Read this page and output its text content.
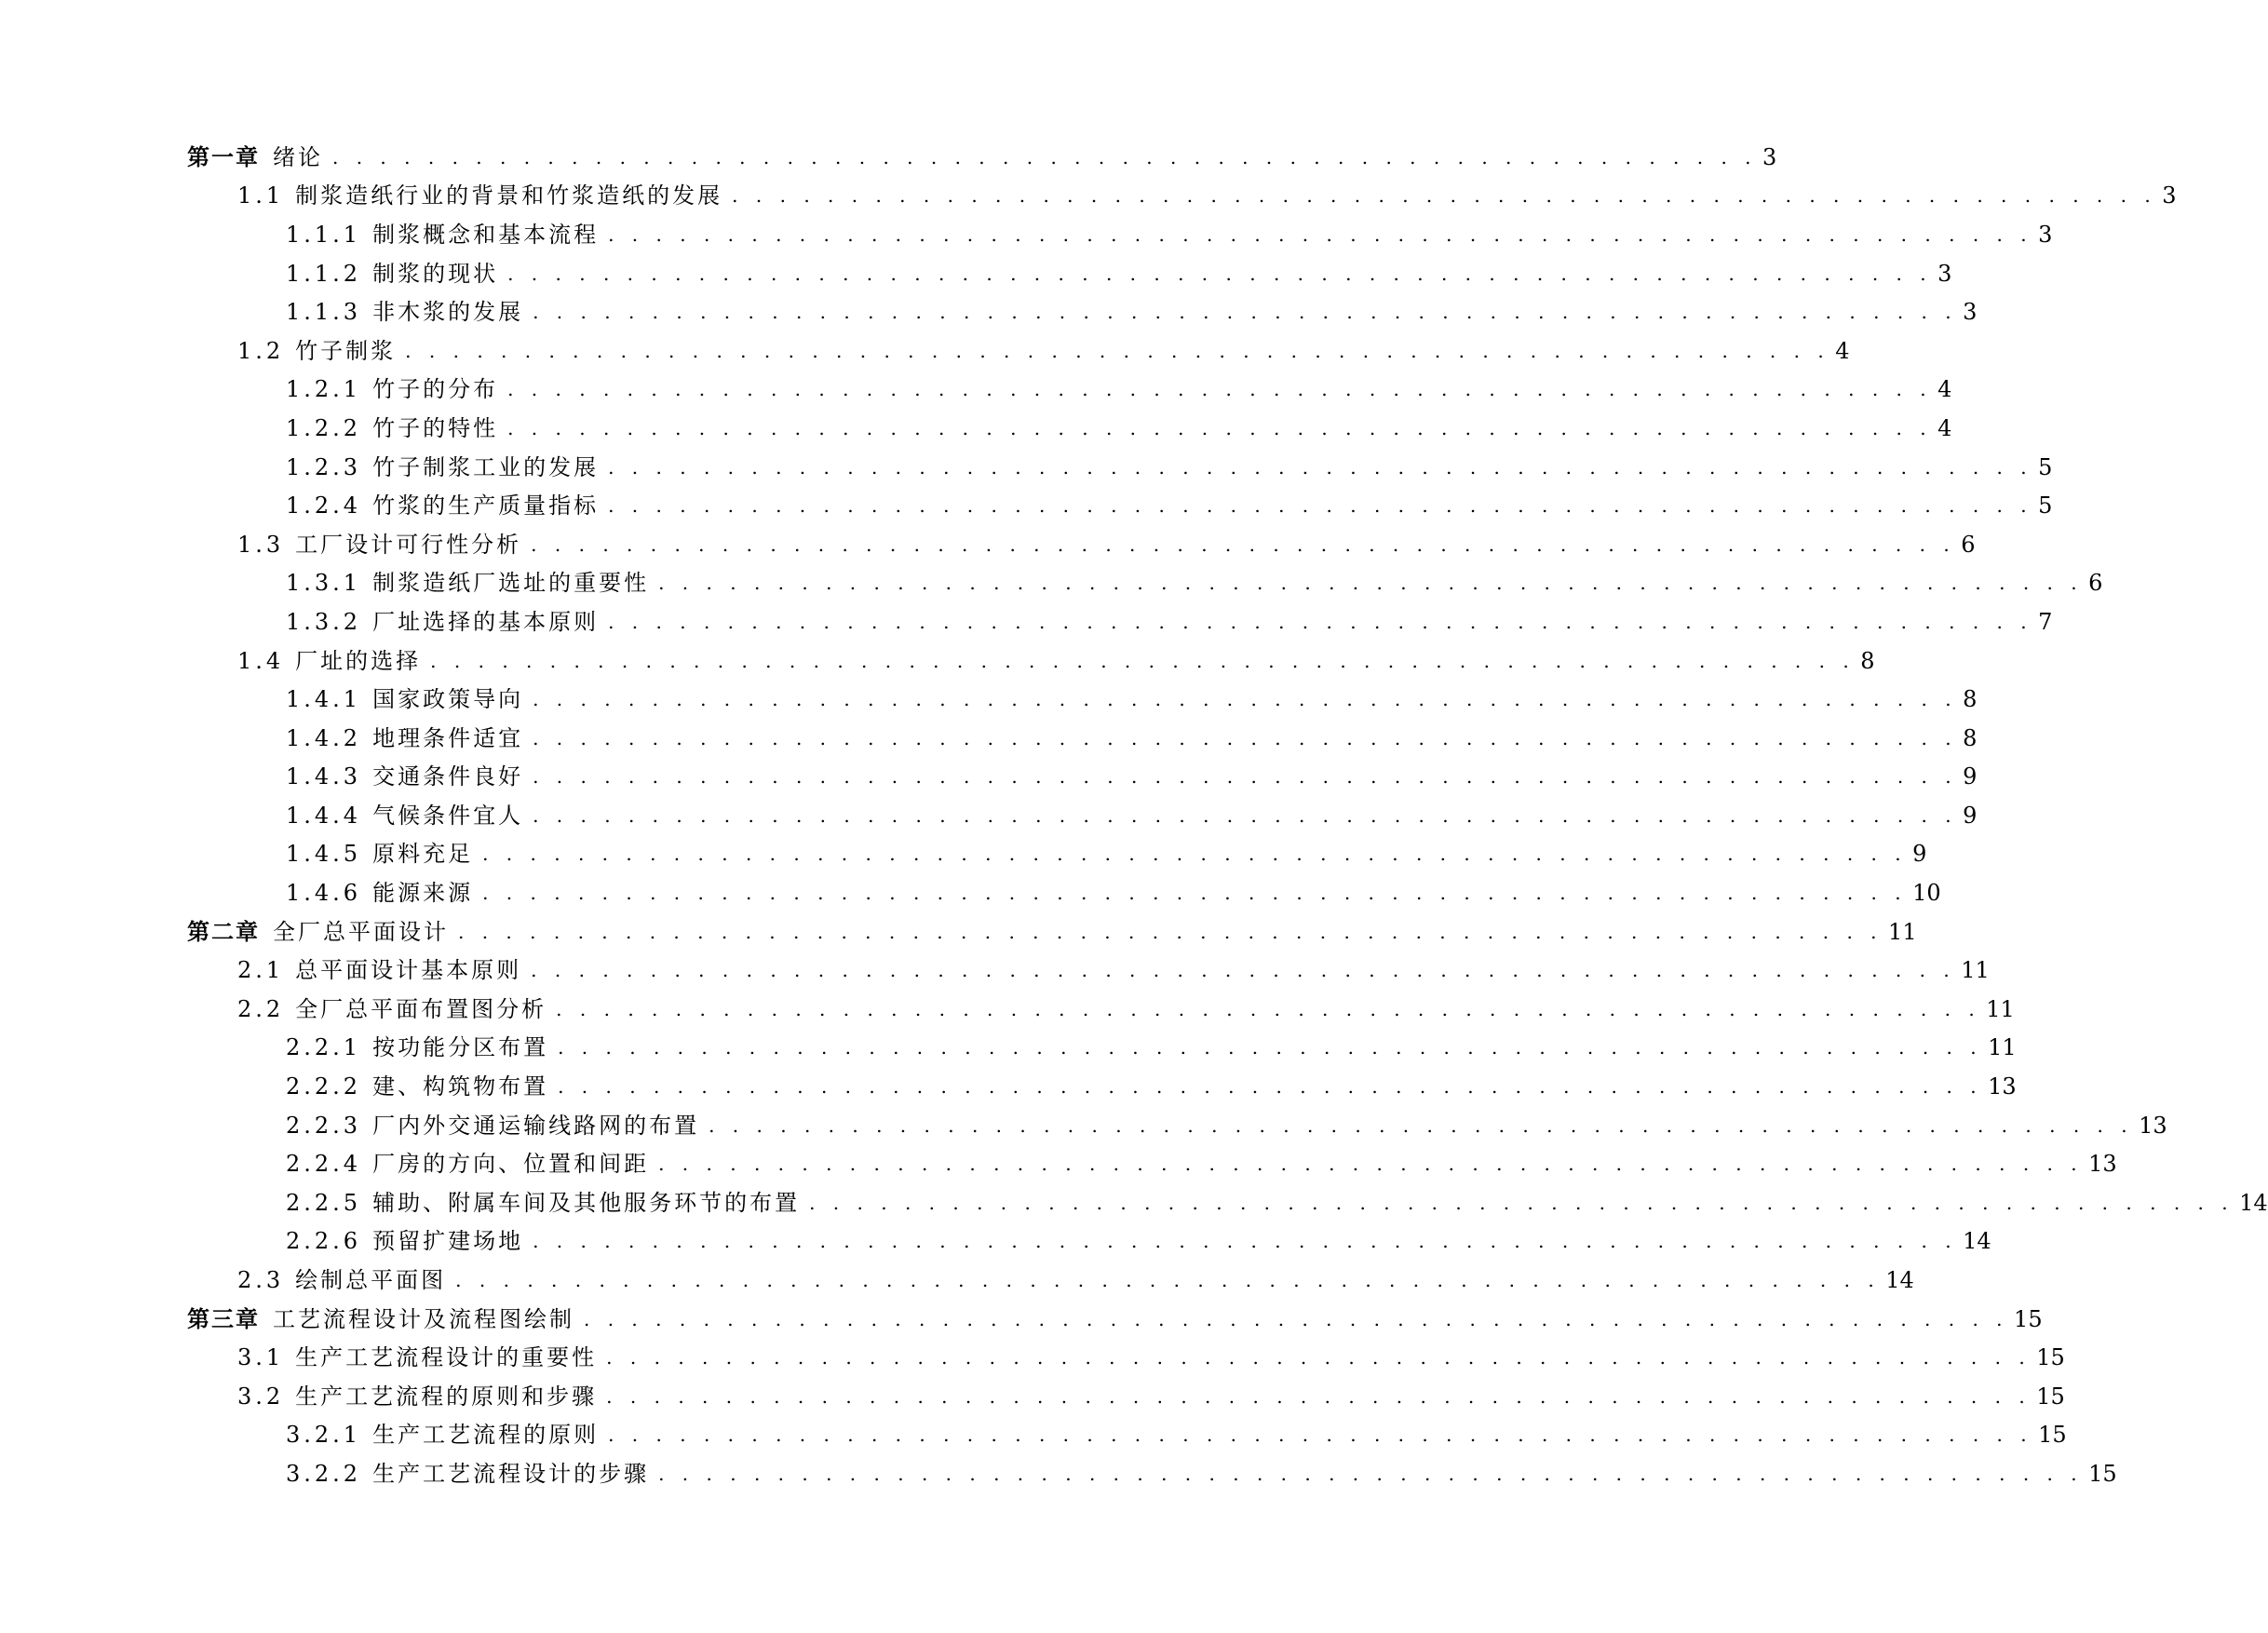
第一章 绪论 . . . . . . . . . . . . . . . . . . . . . . . . . . . . . . . . . . . . . . . . . . . . . . . . . . . . . . . . . . . . 3
1.1 制浆造纸行业的背景和竹浆造纸的发展 . . . . . . . . . . . . . . . . . . . . . . . . . . . . . . . . . . . . . . . . . . . . . . . . . . . . . . . . . . . . 3
1.1.1 制浆概念和基本流程 . . . . . . . . . . . . . . . . . . . . . . . . . . . . . . . . . . . . . . . . . . . . . . . . . . . . . . . . . . . . 3
1.1.2 制浆的现状 . . . . . . . . . . . . . . . . . . . . . . . . . . . . . . . . . . . . . . . . . . . . . . . . . . . . . . . . . . . . 3
1.1.3 非木浆的发展 . . . . . . . . . . . . . . . . . . . . . . . . . . . . . . . . . . . . . . . . . . . . . . . . . . . . . . . . . . . . 3
1.2 竹子制浆 . . . . . . . . . . . . . . . . . . . . . . . . . . . . . . . . . . . . . . . . . . . . . . . . . . . . . . . . . . . . 4
1.2.1 竹子的分布 . . . . . . . . . . . . . . . . . . . . . . . . . . . . . . . . . . . . . . . . . . . . . . . . . . . . . . . . . . . . 4
1.2.2 竹子的特性 . . . . . . . . . . . . . . . . . . . . . . . . . . . . . . . . . . . . . . . . . . . . . . . . . . . . . . . . . . . . 4
1.2.3 竹子制浆工业的发展 . . . . . . . . . . . . . . . . . . . . . . . . . . . . . . . . . . . . . . . . . . . . . . . . . . . . . . . . . . . . 5
1.2.4 竹浆的生产质量指标 . . . . . . . . . . . . . . . . . . . . . . . . . . . . . . . . . . . . . . . . . . . . . . . . . . . . . . . . . . . . 5
1.3 工厂设计可行性分析 . . . . . . . . . . . . . . . . . . . . . . . . . . . . . . . . . . . . . . . . . . . . . . . . . . . . . . . . . . . . 6
1.3.1 制浆造纸厂选址的重要性 . . . . . . . . . . . . . . . . . . . . . . . . . . . . . . . . . . . . . . . . . . . . . . . . . . . . . . . . . . . . 6
1.3.2 厂址选择的基本原则 . . . . . . . . . . . . . . . . . . . . . . . . . . . . . . . . . . . . . . . . . . . . . . . . . . . . . . . . . . . . 7
1.4 厂址的选择 . . . . . . . . . . . . . . . . . . . . . . . . . . . . . . . . . . . . . . . . . . . . . . . . . . . . . . . . . . . . 8
1.4.1 国家政策导向 . . . . . . . . . . . . . . . . . . . . . . . . . . . . . . . . . . . . . . . . . . . . . . . . . . . . . . . . . . . . 8
1.4.2 地理条件适宜 . . . . . . . . . . . . . . . . . . . . . . . . . . . . . . . . . . . . . . . . . . . . . . . . . . . . . . . . . . . . 8
1.4.3 交通条件良好 . . . . . . . . . . . . . . . . . . . . . . . . . . . . . . . . . . . . . . . . . . . . . . . . . . . . . . . . . . . . 9
1.4.4 气候条件宜人 . . . . . . . . . . . . . . . . . . . . . . . . . . . . . . . . . . . . . . . . . . . . . . . . . . . . . . . . . . . . 9
1.4.5 原料充足 . . . . . . . . . . . . . . . . . . . . . . . . . . . . . . . . . . . . . . . . . . . . . . . . . . . . . . . . . . . . 9
1.4.6 能源来源 . . . . . . . . . . . . . . . . . . . . . . . . . . . . . . . . . . . . . . . . . . . . . . . . . . . . . . . . . . . . 10
第二章 全厂总平面设计 . . . . . . . . . . . . . . . . . . . . . . . . . . . . . . . . . . . . . . . . . . . . . . . . . . . . . . . . . . . . 11
2.1 总平面设计基本原则 . . . . . . . . . . . . . . . . . . . . . . . . . . . . . . . . . . . . . . . . . . . . . . . . . . . . . . . . . . . . 11
2.2 全厂总平面布置图分析 . . . . . . . . . . . . . . . . . . . . . . . . . . . . . . . . . . . . . . . . . . . . . . . . . . . . . . . . . . . . 11
2.2.1 按功能分区布置 . . . . . . . . . . . . . . . . . . . . . . . . . . . . . . . . . . . . . . . . . . . . . . . . . . . . . . . . . . . . 11
2.2.2 建、构筑物布置 . . . . . . . . . . . . . . . . . . . . . . . . . . . . . . . . . . . . . . . . . . . . . . . . . . . . . . . . . . . . 13
2.2.3 厂内外交通运输线路网的布置 . . . . . . . . . . . . . . . . . . . . . . . . . . . . . . . . . . . . . . . . . . . . . . . . . . . . . . . . . . . . 13
2.2.4 厂房的方向、位置和间距 . . . . . . . . . . . . . . . . . . . . . . . . . . . . . . . . . . . . . . . . . . . . . . . . . . . . . . . . . . . . 13
2.2.5 辅助、附属车间及其他服务环节的布置 . . . . . . . . . . . . . . . . . . . . . . . . . . . . . . . . . . . . . . . . . . . . . . . . . . . . . . . . . . . . 14
2.2.6 预留扩建场地 . . . . . . . . . . . . . . . . . . . . . . . . . . . . . . . . . . . . . . . . . . . . . . . . . . . . . . . . . . . . 14
2.3 绘制总平面图 . . . . . . . . . . . . . . . . . . . . . . . . . . . . . . . . . . . . . . . . . . . . . . . . . . . . . . . . . . . . 14
第三章 工艺流程设计及流程图绘制 . . . . . . . . . . . . . . . . . . . . . . . . . . . . . . . . . . . . . . . . . . . . . . . . . . . . . . . . . . . . 15
3.1 生产工艺流程设计的重要性 . . . . . . . . . . . . . . . . . . . . . . . . . . . . . . . . . . . . . . . . . . . . . . . . . . . . . . . . . . . . 15
3.2 生产工艺流程的原则和步骤 . . . . . . . . . . . . . . . . . . . . . . . . . . . . . . . . . . . . . . . . . . . . . . . . . . . . . . . . . . . . 15
3.2.1 生产工艺流程的原则 . . . . . . . . . . . . . . . . . . . . . . . . . . . . . . . . . . . . . . . . . . . . . . . . . . . . . . . . . . . . 15
3.2.2 生产工艺流程设计的步骤 . . . . . . . . . . . . . . . . . . . . . . . . . . . . . . . . . . . . . . . . . . . . . . . . . . . . . . . . . . . . 15
